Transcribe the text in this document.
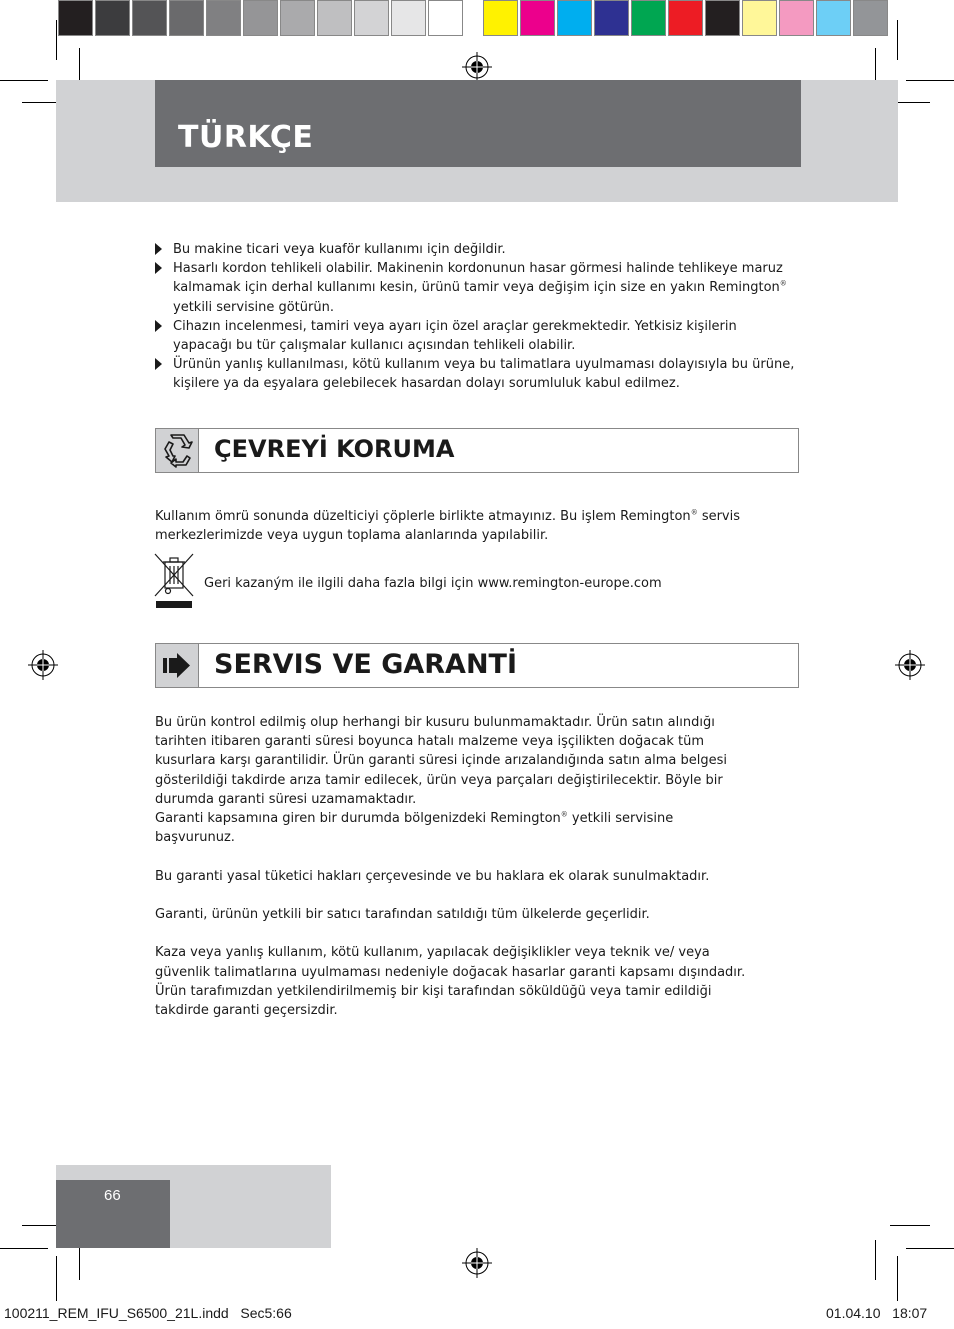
TÜRKÇE
Bu makine ticari veya kuaför kullanımı için değildir.
Hasarlı kordon tehlikeli olabilir. Makinenin kordonunun hasar görmesi halinde tehlikeye maruz kalmamak için derhal kullanımı kesin, ürünü tamir veya değişim için size en yakın Remington® yetkili servisine götürün.
Cihazın incelenmesi, tamiri veya ayarı için özel araçlar gerekmektedir. Yetkisiz kişilerin yapacağı bu tür çalışmalar kullanıcı açısından tehlikeli olabilir.
Ürünün yanlış kullanılması, kötü kullanım veya bu talimatlara uyulmaması dolayısıyla bu ürüne, kişilere ya da eşyalara gelebilecek hasardan dolayı sorumluluk kabul edilmez.
ÇEVREYİ KORUMA

Kullanım ömrü sonunda düzelticiyi çöplerle birlikte atmayınız. Bu işlem Remington® servis merkezlerimizde veya uygun toplama alanlarında yapılabilir.

Geri kazaným ile ilgili daha fazla bilgi için www.remington-europe.com
SERVIS VE GARANTİ

Bu ürün kontrol edilmiş olup herhangi bir kusuru bulunmamaktadır. Ürün satın alındığı tarihten itibaren garanti süresi boyunca hatalı malzeme veya işçilikten doğacak tüm kusurlara karşı garantilidir. Ürün garanti süresi içinde arızalandığında satın alma belgesi gösterildiği takdirde arıza tamir edilecek, ürün veya parçaları değiştirilecektir. Böyle bir durumda garanti süresi uzamamaktadır.

Garanti kapsamına giren bir durumda bölgenizdeki Remington® yetkili servisine başvurunuz.

Bu garanti yasal tüketici hakları çerçevesinde ve bu haklara ek olarak sunulmaktadır.

Garanti, ürünün yetkili bir satıcı tarafından satıldığı tüm ülkelerde geçerlidir.

Kaza veya yanlış kullanım, kötü kullanım, yapılacak değişiklikler veya teknik ve/ veya güvenlik talimatlarına uyulmaması nedeniyle doğacak hasarlar garanti kapsamı dışındadır. Ürün tarafımızdan yetkilendirilmemiş bir kişi tarafından söküldüğü veya tamir edildiği takdirde garanti geçersizdir.

66
100211_REM_IFU_S6500_21L.indd   Sec5:66	01.04.10   18:07
